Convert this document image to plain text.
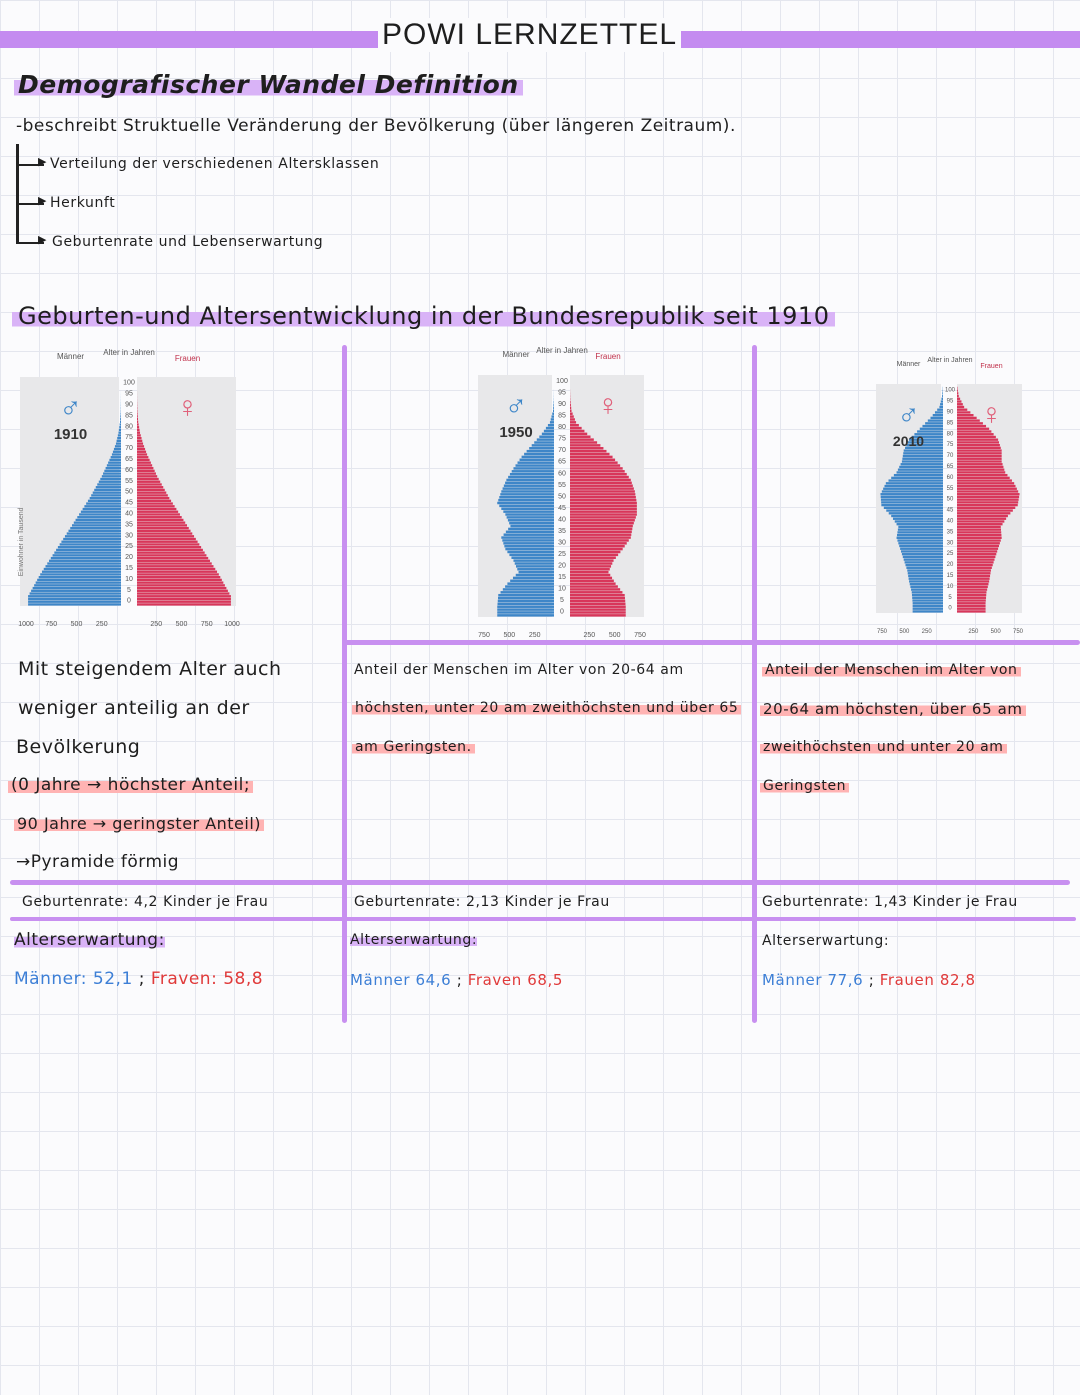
POWI LERNZETTEL
Demografischer Wandel Definition
-beschreibt Struktuelle Veränderung der Bevölkerung (über längeren Zeitraum).
▶
▶
▶
Verteilung der verschiedenen Altersklassen
Herkunft
Geburtenrate und Lebenserwartung
Geburten-und Altersentwicklung in der Bundesrepublik seit 1910
100
95
90
85
80
75
70
65
60
55
50
45
40
35
30
25
20
15
10
5
0
Männer	Frauen
Alter in Jahren
♂	♀
1910
1000 750 500 250	250 500 750 1000
Einwohner in Tausend
100
95
90
85
80
75
70
65
60
55
50
45
40
35
30
25
20
15
10
5
0
Männer	Frauen
Alter in Jahren
♂ ♀
1950
750 500 250	250 500 750
100
95
90
85
80
75
70
65
60
55
50
45
40
35
30
25
20
15
10
5
0
Männer	Frauen
Alter in Jahren
♂ ♀
2010
750 500 250	250 500 750
Mit steigendem Alter auch
weniger anteilig an der
Bevölkerung
(0 Jahre → höchster Anteil;
90 Jahre → geringster Anteil)
→Pyramide förmig
Geburtenrate: 4,2 Kinder je Frau
Alterserwartung:
Männer: 52,1 ; Fraven: 58,8
Anteil der Menschen im Alter von 20-64 am
höchsten, unter 20 am zweithöchsten und über 65
am Geringsten.
Geburtenrate: 2,13 Kinder je Frau
Alterserwartung:
Männer 64,6 ; Fraven 68,5
Anteil der Menschen im Alter von
20-64 am höchsten, über 65 am
zweithöchsten und unter 20 am
Geringsten
Geburtenrate: 1,43 Kinder je Frau
Alterserwartung:
Männer 77,6 ; Frauen 82,8
